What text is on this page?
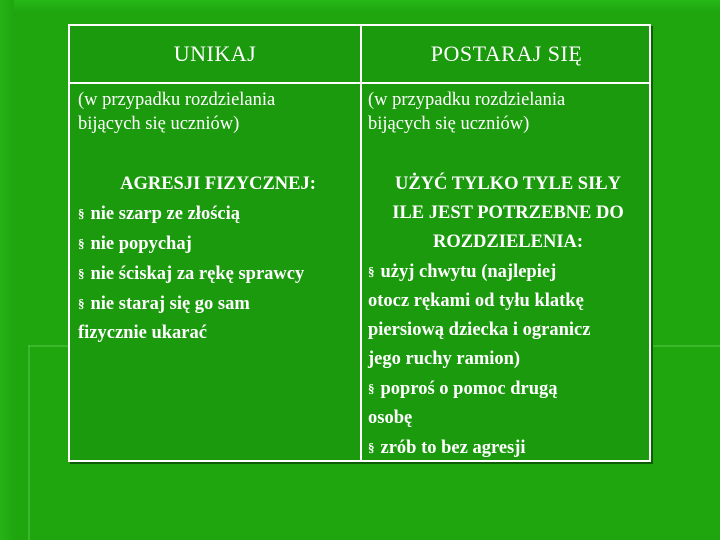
UNIKAJ	POSTARAJ SIĘ
(w przypadku rozdzielania
bijących się uczniów)
AGRESJI FIZYCZNEJ:
§ nie szarp ze złością
§ nie popychaj
§ nie ściskaj za rękę sprawcy
§ nie staraj się go sam
fizycznie ukarać
(w przypadku rozdzielania
bijących się uczniów)
UŻYĆ TYLKO TYLE SIŁY
ILE JEST POTRZEBNE DO
ROZDZIELENIA:
§ użyj chwytu (najlepiej
otocz rękami od tyłu klatkę
piersiową dziecka i ogranicz
jego ruchy ramion)
§ poproś o pomoc drugą
osobę
§ zrób to bez agresji
